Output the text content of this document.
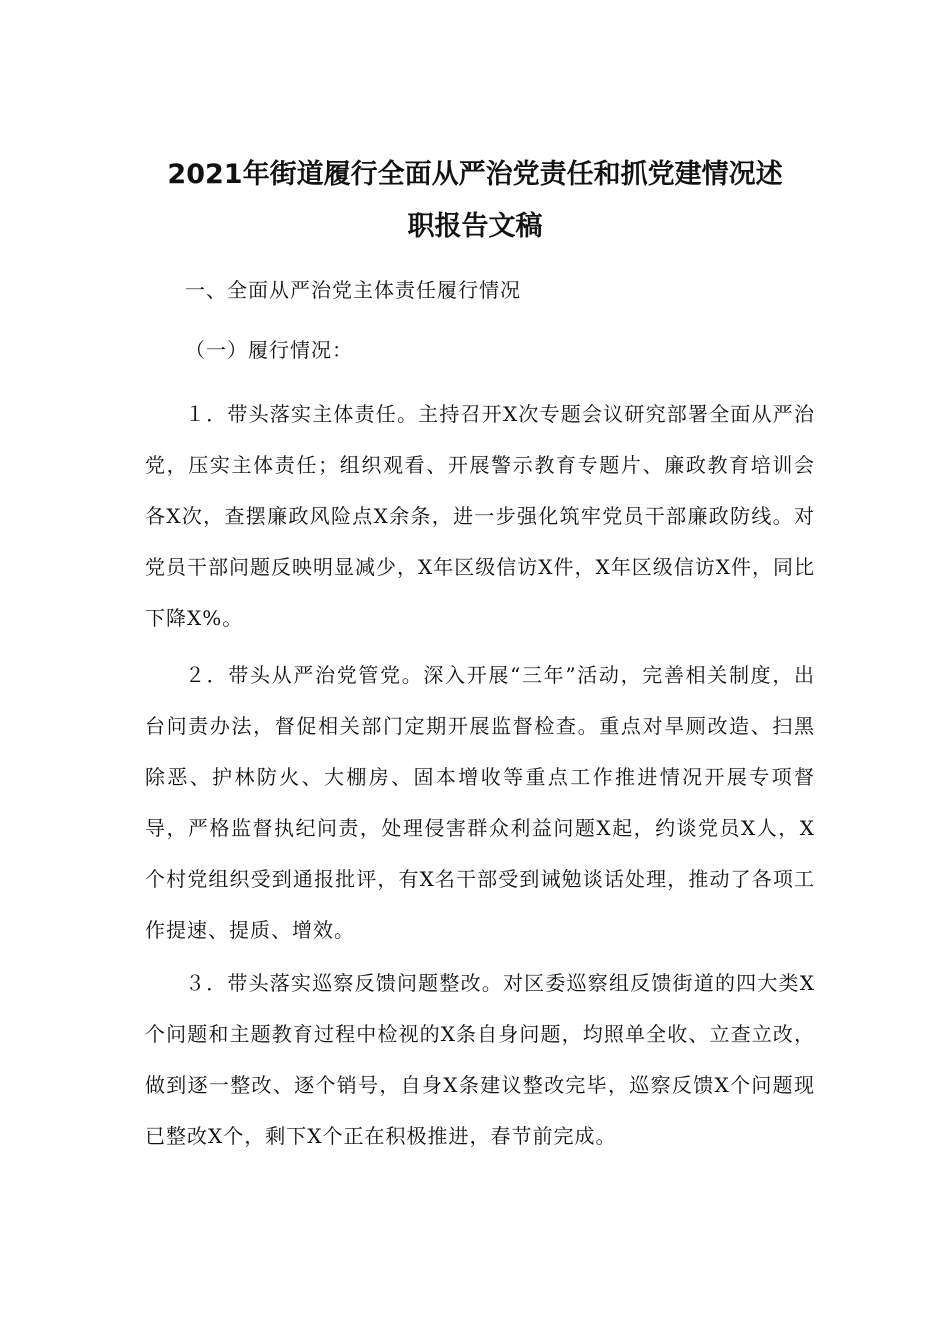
2021年街道履行全面从严治党责任和抓党建情况述
职报告文稿

一、全面从严治党主体责任履行情况

（一）履行情况：

１．带头落实主体责任。主持召开X次专题会议研究部署全面从严治党，压实主体责任；组织观看、开展警示教育专题片、廉政教育培训会各X次，查摆廉政风险点X余条，进一步强化筑牢党员干部廉政防线。对党员干部问题反映明显减少，X年区级信访X件，X年区级信访X件，同比下降X%。

２．带头从严治党管党。深入开展“三年”活动，完善相关制度，出台问责办法，督促相关部门定期开展监督检查。重点对旱厕改造、扫黑除恶、护林防火、大棚房、固本增收等重点工作推进情况开展专项督导，严格监督执纪问责，处理侵害群众利益问题X起，约谈党员X人，X个村党组织受到通报批评，有X名干部受到诫勉谈话处理，推动了各项工作提速、提质、增效。

３．带头落实巡察反馈问题整改。对区委巡察组反馈街道的四大类X个问题和主题教育过程中检视的X条自身问题，均照单全收、立查立改，做到逐一整改、逐个销号，自身X条建议整改完毕，巡察反馈X个问题现已整改X个，剩下X个正在积极推进，春节前完成。
